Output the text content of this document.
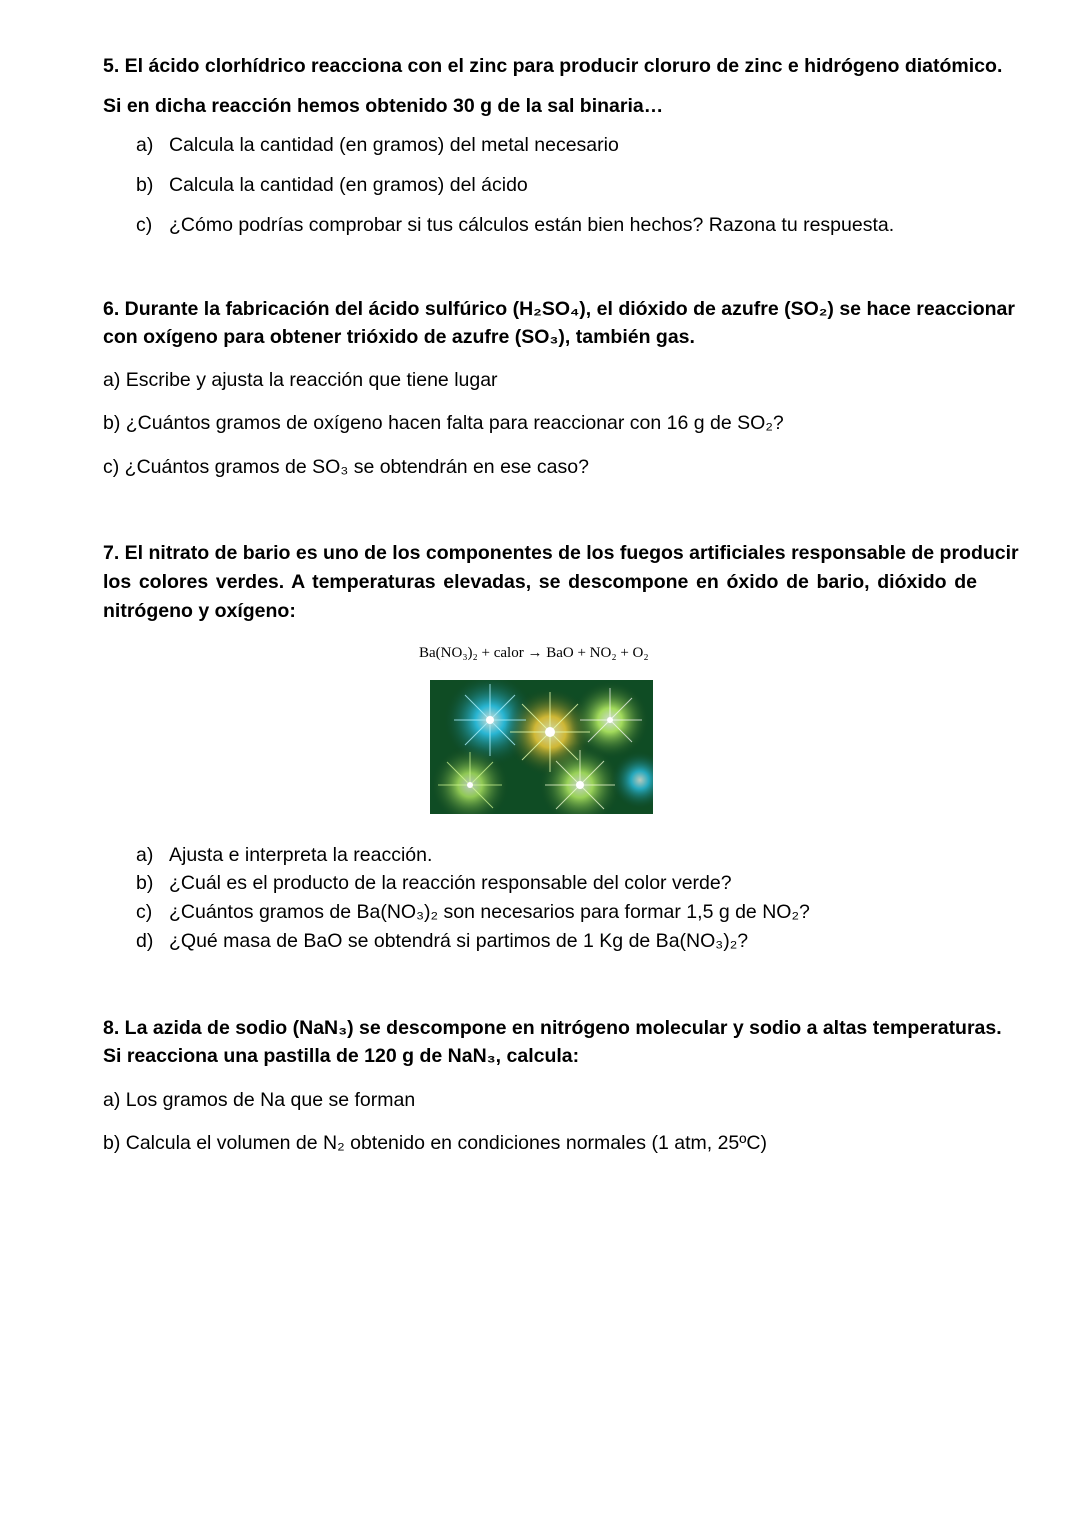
5. El ácido clorhídrico reacciona con el zinc para producir cloruro de zinc e hidrógeno diatómico.
Si en dicha reacción hemos obtenido 30 g de la sal binaria…
a) Calcula la cantidad (en gramos) del metal necesario
b) Calcula la cantidad (en gramos) del ácido
c) ¿Cómo podrías comprobar si tus cálculos están bien hechos? Razona tu respuesta.
6. Durante la fabricación del ácido sulfúrico (H₂SO₄), el dióxido de azufre (SO₂) se hace reaccionar
con oxígeno para obtener trióxido de azufre (SO₃), también gas.
a) Escribe y ajusta la reacción que tiene lugar
b) ¿Cuántos gramos de oxígeno hacen falta para reaccionar con 16 g de SO₂?
c) ¿Cuántos gramos de SO₃ se obtendrán en ese caso?
7. El nitrato de bario es uno de los componentes de los fuegos artificiales responsable de producir
los colores verdes. A temperaturas elevadas, se descompone en óxido de bario, dióxido de
nitrógeno y oxígeno:
Ba(NO₃)₂ + calor → BaO + NO₂ + O₂
a) Ajusta e interpreta la reacción.
b) ¿Cuál es el producto de la reacción responsable del color verde?
c) ¿Cuántos gramos de Ba(NO₃)₂ son necesarios para formar 1,5 g de NO₂?
d) ¿Qué masa de BaO se obtendrá si partimos de 1 Kg de Ba(NO₃)₂?
8. La azida de sodio (NaN₃) se descompone en nitrógeno molecular y sodio a altas temperaturas.
Si reacciona una pastilla de 120 g de NaN₃, calcula:
a) Los gramos de Na que se forman
b) Calcula el volumen de N₂ obtenido en condiciones normales (1 atm, 25ºC)
